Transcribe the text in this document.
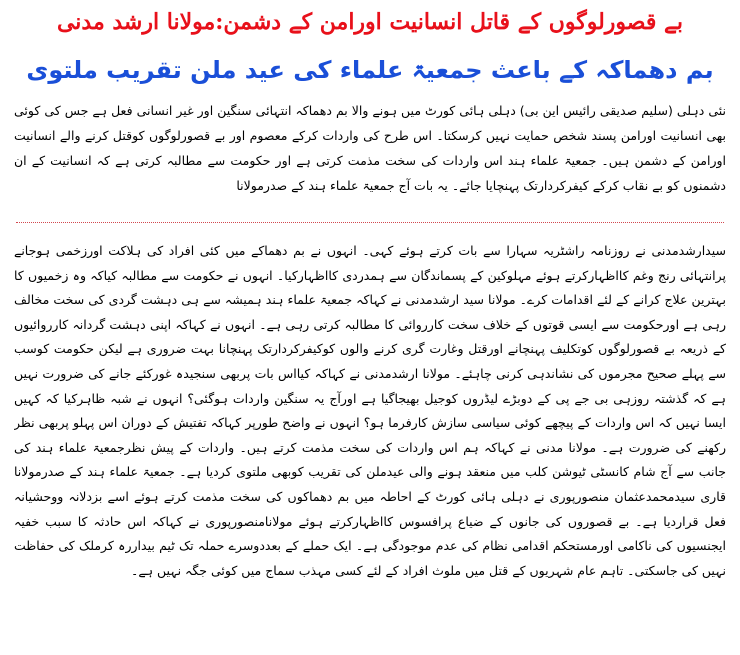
بے قصورلوگوں کے قاتل انسانیت اورامن کے دشمن:مولانا ارشد مدنی
بم دھماکہ کے باعث جمعیۃ علماء کی عید ملن تقریب ملتوی

نئی دہلی (سلیم صدیقی رائیس این بی) دہلی ہائی کورٹ میں ہونے والا بم دھماکہ انتہائی سنگین اور غیر انسانی فعل ہے جس کی کوئی بھی انسانیت اورامن پسند شخص حمایت نہیں کرسکتا۔ اس طرح کی واردات کرکے معصوم اور بے قصورلوگوں کوقتل کرنے والے انسانیت اورامن کے دشمن ہیں۔ جمعیۃ علماء ہند اس واردات کی سخت مذمت کرتی ہے اور حکومت سے مطالبہ کرتی ہے کہ انسانیت کے ان دشمنوں کو بے نقاب کرکے کیفرکردارتک پہنچایا جائے۔ یہ بات آج جمعیۃ علماء ہند کے صدرمولانا

سیدارشدمدنی نے روزنامہ راشٹریہ سہارا سے بات کرتے ہوئے کہی۔ انہوں نے بم دھماکے میں کئی افراد کی ہلاکت اورزخمی ہوجانے پرانتہائی رنج وغم کااظہارکرتے ہوئے مہلوکین کے پسماندگان سے ہمدردی کااظہارکیا۔ انہوں نے حکومت سے مطالبہ کیاکہ وہ زخمیوں کا بہترین علاج کرانے کے لئے اقدامات کرے۔ مولانا سید ارشدمدنی نے کہاکہ جمعیۃ علماء ہند ہمیشہ سے ہی دہشت گردی کی سخت مخالف رہی ہے اورحکومت سے ایسی قوتوں کے خلاف سخت کارروائی کا مطالبہ کرتی رہی ہے۔ انہوں نے کہاکہ اپنی دہشت گردانہ کارروائیوں کے ذریعہ بے قصورلوگوں کوتکلیف پہنچانے اورقتل وغارت گری کرنے والوں کوکیفرکردارتک پہنچانا بہت ضروری ہے لیکن حکومت کوسب سے پہلے صحیح مجرموں کی نشاندہی کرنی چاہئے۔ مولانا ارشدمدنی نے کہاکہ کیااس بات پربھی سنجیدہ غورکئے جانے کی ضرورت نہیں ہے کہ گذشتہ روزہی بی جے پی کے دوبڑے لیڈروں کوجیل بھیجاگیا ہے اورآج یہ سنگین واردات ہوگئی؟ انہوں نے شبہ ظاہرکیا کہ کہیں ایسا نہیں کہ اس واردات کے پیچھے کوئی سیاسی سازش کارفرما ہو؟ انہوں نے واضح طورپر کہاکہ تفتیش کے دوران اس پہلو پربھی نظر رکھنے کی ضرورت ہے۔ مولانا مدنی نے کہاکہ ہم اس واردات کی سخت مذمت کرتے ہیں۔ واردات کے پیش نظرجمعیۃ علماء ہند کی جانب سے آج شام کانسٹی ٹیوشن کلب میں منعقد ہونے والی عیدملن کی تقریب کوبھی ملتوی کردیا ہے۔ جمعیۃ علماء ہند کے صدرمولانا قاری سیدمحمدعثمان منصورپوری نے دہلی ہائی کورٹ کے احاطہ میں بم دھماکوں کی سخت مذمت کرتے ہوئے اسے بزدلانہ ووحشیانہ فعل قراردیا ہے۔ بے قصوروں کی جانوں کے ضیاع پرافسوس کااظہارکرتے ہوئے مولانامنصورپوری نے کہاکہ اس حادثہ کا سبب خفیہ ایجنسیوں کی ناکامی اورمستحکم اقدامی نظام کی عدم موجودگی ہے۔ ایک حملے کے بعددوسرے حملہ تک ٹیم بیداررہ کرملک کی حفاظت نہیں کی جاسکتی۔ تاہم عام شہریوں کے قتل میں ملوث افراد کے لئے کسی مہذب سماج میں کوئی جگہ نہیں ہے۔
